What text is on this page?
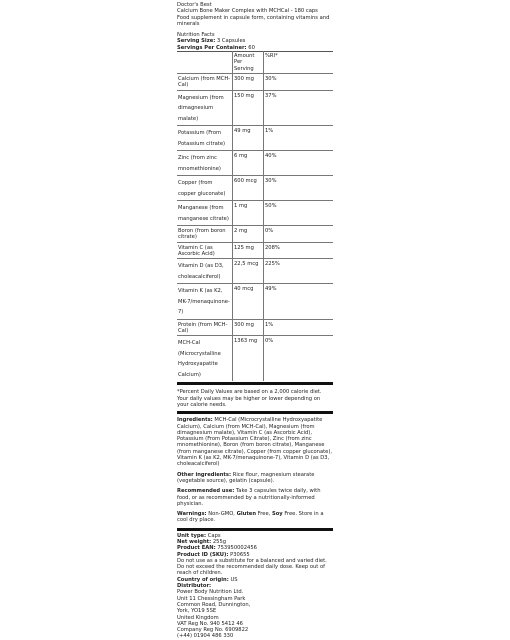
Doctor's Best
Calcium Bone Maker Complex with MCHCal - 180 caps
Food supplement in capsule form, containing vitamins and minerals
Nutrition Facts
Serving Size: 3 Capsules
Servings Per Container: 60
	Amount Per Serving	%RI*
Calcium (from MCH-Cal)	300 mg	30%
Magnesium (from dimagnesium malate)	150 mg	37%
Potassium (From Potassium citrate)	49 mg	1%
Zinc (from zinc mnomethionine)	6 mg	40%
Copper (from copper gluconate)	600 mcg	30%
Manganese (from manganese citrate)	1 mg	50%
Boron (from boron citrate)	2 mg	0%
Vitamin C (as Ascorbic Acid)	125 mg	208%
Vitamin D (as D3, choleacalciferol)	22,5 mcg	225%
Vitamin K (as K2, MK-7/menaquinone-7)	40 mcg	49%
Protein (from MCH-Cal)	300 mg	1%
MCH-Cal (Microcrystalline Hydroxyapatite Calcium)	1363 mg	0%
*Percent Daily Values are based on a 2,000 calorie diet. Your daily values may be higher or lower depending on your calorie needs.

Ingredients: MCH-Cal (Microcrystalline Hydroxyapatite Calcium), Calcium (from MCH-Cal), Magnesium (from dimagnesium malate), Vitamin C (as Ascorbic Acid), Potassium (From Potassium Citrate), Zinc (from zinc mnomethionine), Boron (from boron citrate), Manganese (from manganese citrate), Copper (from copper gluconate), Vitamin K (as K2, MK-7/menaquinone-7), Vitamin D (as D3, choleacalciferol)

Other ingredients: Rice flour, magnesium stearate (vegetable source), gelatin (capsule).

Recommended use: Take 3 capsules twice daily, with food, or as recommended by a nutritionally-informed physician.

Warnings: Non-GMO, Gluten Free, Soy Free. Store in a cool dry place.

Unit type: Caps
Net weight: 255g
Product EAN: 753950002456
Product ID (SKU): P30655
Do not use as a substitute for a balanced and varied diet.
Do not exceed the recommended daily dose. Keep out of reach of children.
Country of origin: US
Distributor:
Power Body Nutrition Ltd.
Unit 11 Chessingham Park
Common Road, Dunnington,
York, YO19 5SE
United Kingdom
VAT Reg No. 940 5412 46
Company Reg No. 6909822
(+44) 01904 486 330
